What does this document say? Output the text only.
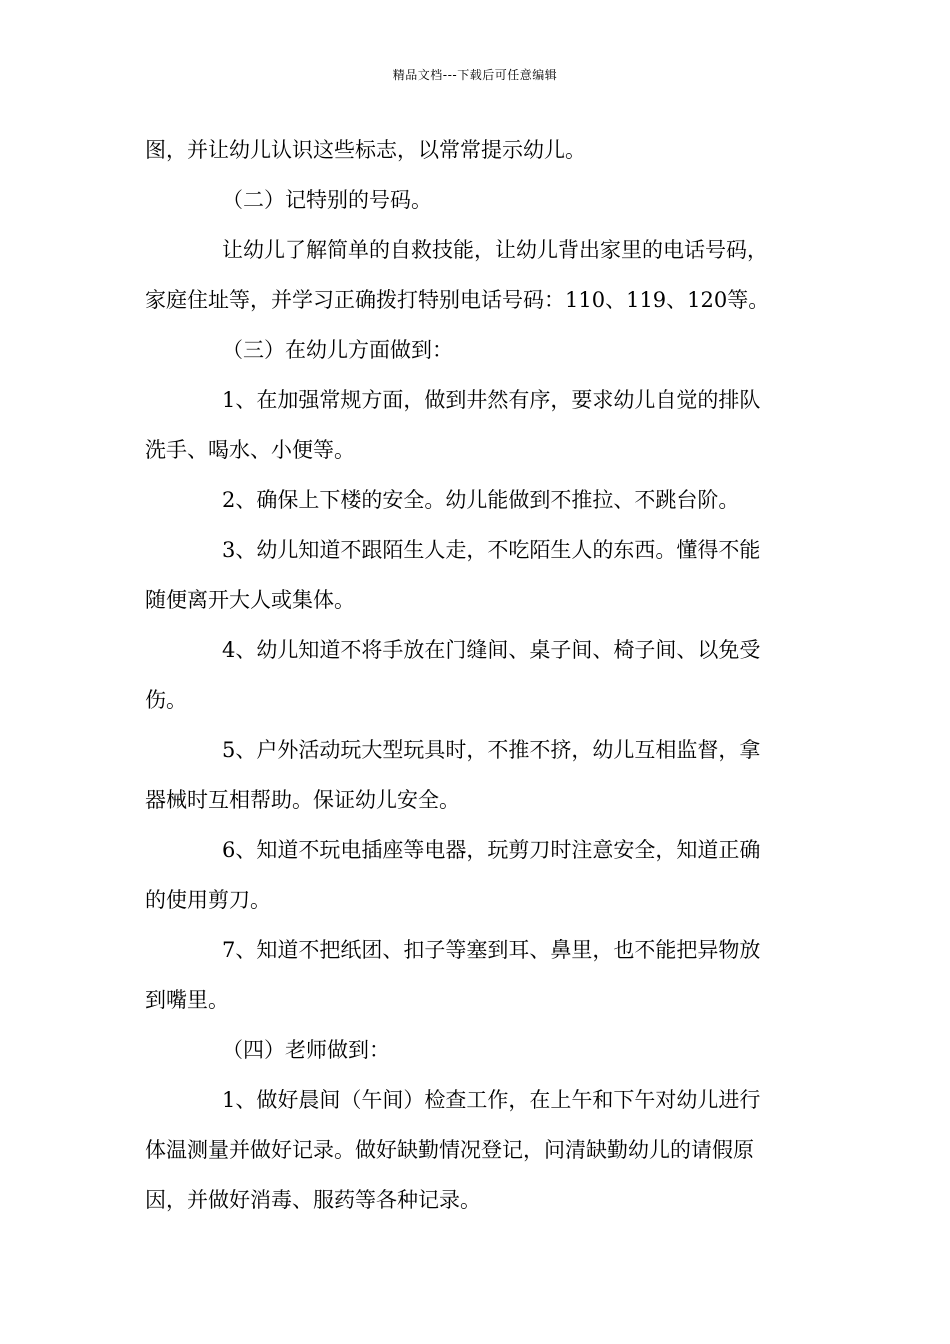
精品文档---下载后可任意编辑
图，并让幼儿认识这些标志，以常常提示幼儿。
（二）记特别的号码。
让幼儿了解简单的自救技能，让幼儿背出家里的电话号码，
家庭住址等，并学习正确拨打特别电话号码：110、119、120等。
（三）在幼儿方面做到：
1、在加强常规方面，做到井然有序，要求幼儿自觉的排队
洗手、喝水、小便等。
2、确保上下楼的安全。幼儿能做到不推拉、不跳台阶。
3、幼儿知道不跟陌生人走，不吃陌生人的东西。懂得不能
随便离开大人或集体。
4、幼儿知道不将手放在门缝间、桌子间、椅子间、以免受
伤。
5、户外活动玩大型玩具时，不推不挤，幼儿互相监督，拿
器械时互相帮助。保证幼儿安全。
6、知道不玩电插座等电器，玩剪刀时注意安全，知道正确
的使用剪刀。
7、知道不把纸团、扣子等塞到耳、鼻里，也不能把异物放
到嘴里。
（四）老师做到：
1、做好晨间（午间）检查工作，在上午和下午对幼儿进行
体温测量并做好记录。做好缺勤情况登记，问清缺勤幼儿的请假原
因，并做好消毒、服药等各种记录。
